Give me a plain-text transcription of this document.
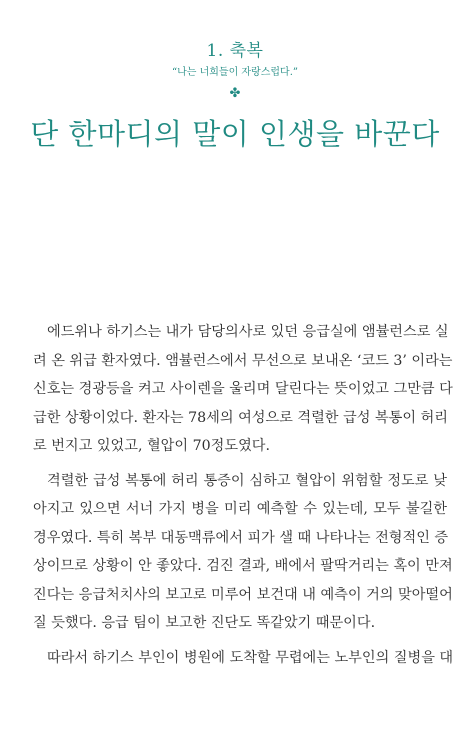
1. 축복
“나는 너희들이 자랑스럽다.”
✤
단 한마디의 말이 인생을 바꾼다
에드위나 하기스는 내가 담당의사로 있던 응급실에 앰뷸런스로 실
려 온 위급 환자였다. 앰뷸런스에서 무선으로 보내온 ‘코드 3’ 이라는
신호는 경광등을 켜고 사이렌을 울리며 달린다는 뜻이었고 그만큼 다
급한 상황이었다. 환자는 78세의 여성으로 격렬한 급성 복통이 허리
로 번지고 있었고, 혈압이 70정도였다.
격렬한 급성 복통에 허리 통증이 심하고 혈압이 위험할 정도로 낮
아지고 있으면 서너 가지 병을 미리 예측할 수 있는데, 모두 불길한
경우였다. 특히 복부 대동맥류에서 피가 샐 때 나타나는 전형적인 증
상이므로 상황이 안 좋았다. 검진 결과, 배에서 팔딱거리는 혹이 만져
진다는 응급처치사의 보고로 미루어 보건대 내 예측이 거의 맞아떨어
질 듯했다. 응급 팀이 보고한 진단도 똑같았기 때문이다.
따라서 하기스 부인이 병원에 도착할 무렵에는 노부인의 질병을 대
